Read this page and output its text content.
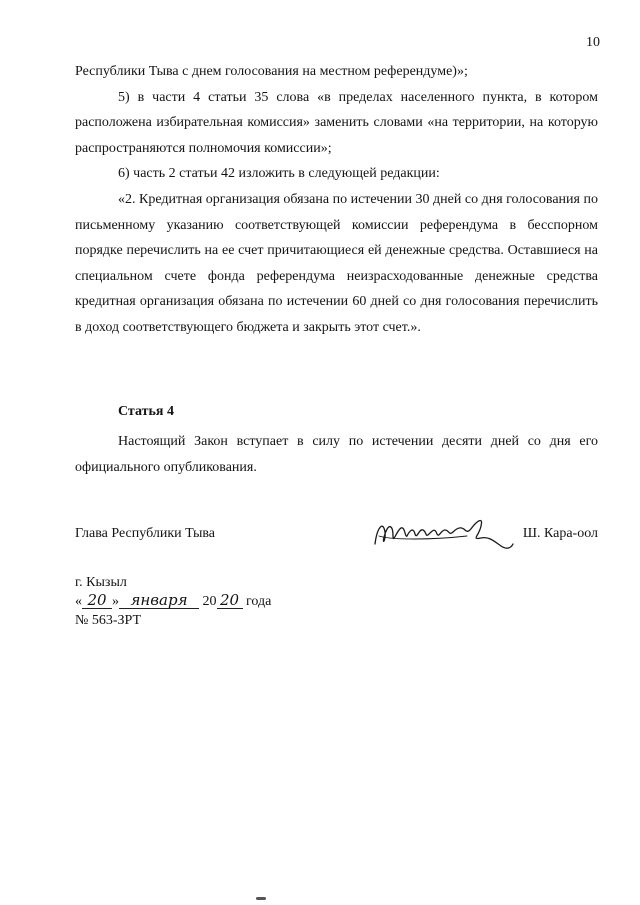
10

Республики Тыва с днем голосования на местном референдуме)»;

5) в части 4 статьи 35 слова «в пределах населенного пункта, в котором расположена избирательная комиссия» заменить словами «на территории, на которую распространяются полномочия комиссии»;

6) часть 2 статьи 42 изложить в следующей редакции:

«2. Кредитная организация обязана по истечении 30 дней со дня голосования по письменному указанию соответствующей комиссии референдума в бесспорном порядке перечислить на ее счет причитающиеся ей денежные средства. Оставшиеся на специальном счете фонда референдума неизрасходованные денежные средства кредитная организация обязана по истечении 60 дней со дня голосования перечислить в доход соответствующего бюджета и закрыть этот счет.».

Статья 4

Настоящий Закон вступает в силу по истечении десяти дней со дня его официального опубликования.

Глава Республики Тыва	Ш. Кара-оол
г. Кызыл
« 20 » января 20 20 года
№ 563-ЗРТ
